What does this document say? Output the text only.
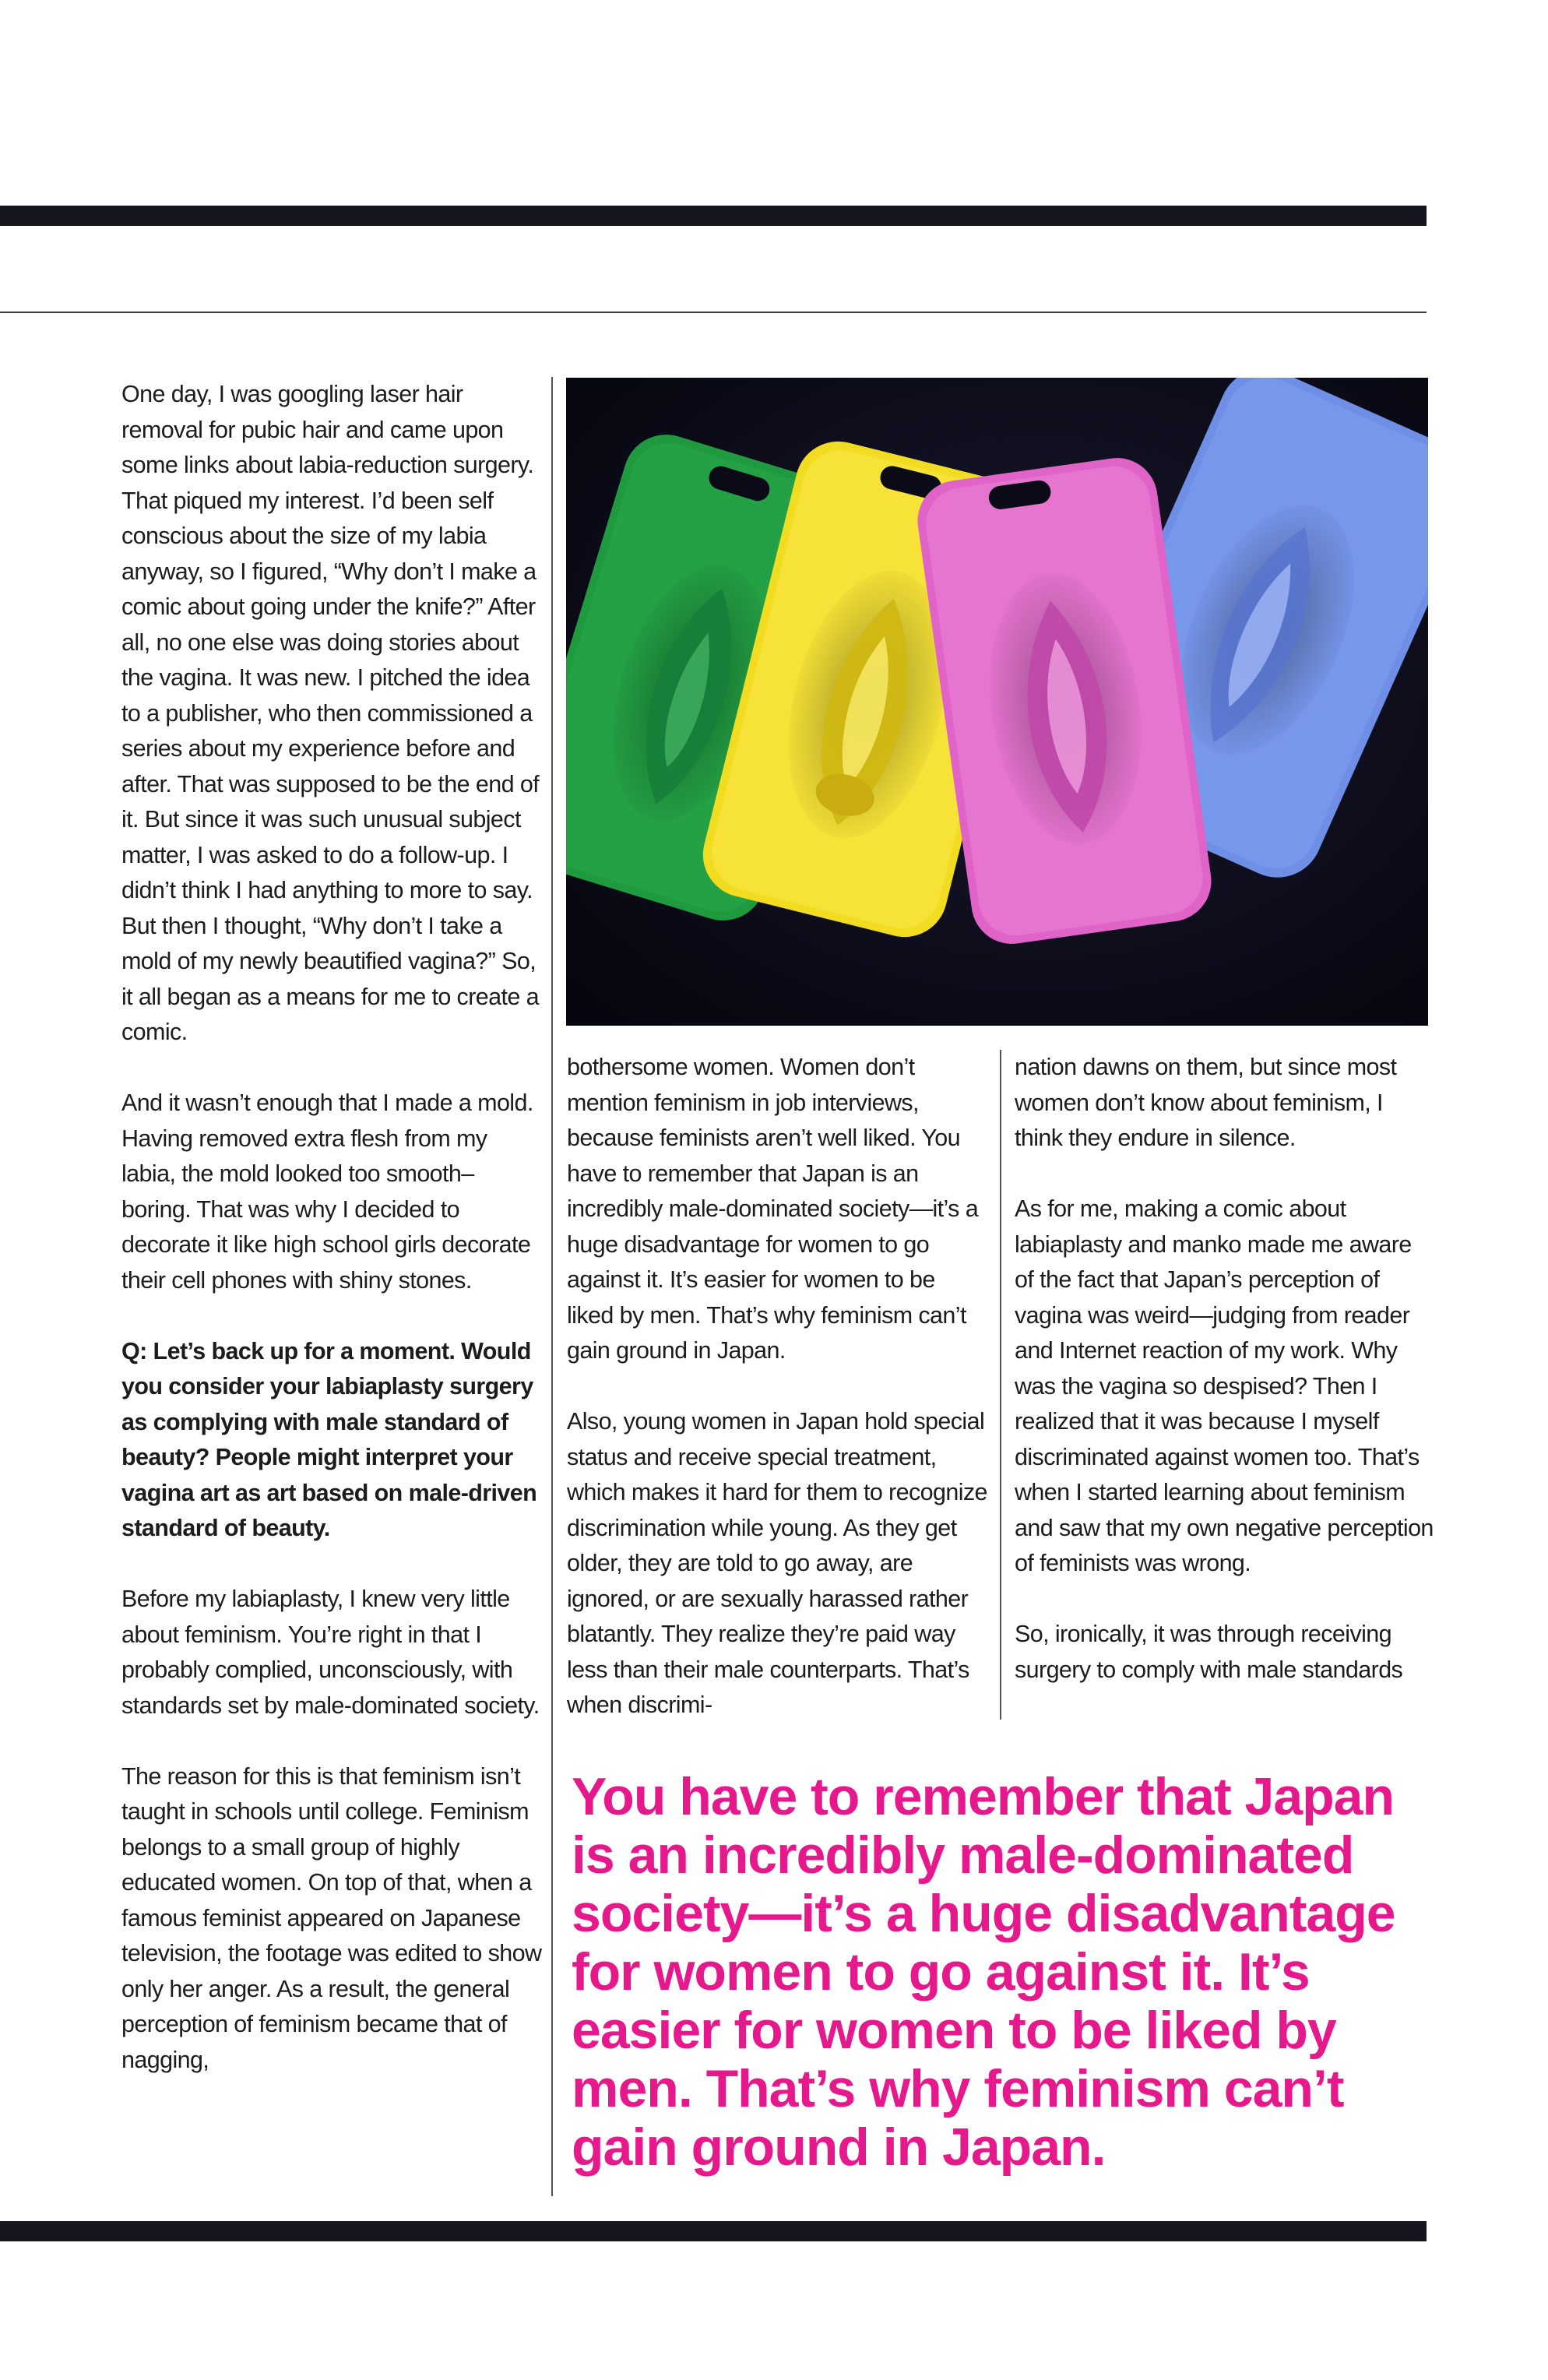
One day, I was googling laser hair removal for pubic hair and came upon some links about labia-reduction surgery. That piqued my interest. I’d been self conscious about the size of my labia anyway, so I figured, “Why don’t I make a comic about going under the knife?” After all, no one else was doing stories about the vagina. It was new. I pitched the idea to a publisher, who then commissioned a series about my experience before and after. That was supposed to be the end of it. But since it was such unusual subject matter, I was asked to do a follow-up. I didn’t think I had anything to more to say. But then I thought, “Why don’t I take a mold of my newly beautified vagina?” So, it all began as a means for me to create a comic.

And it wasn’t enough that I made a mold. Having removed extra flesh from my labia, the mold looked too smooth–boring. That was why I decided to decorate it like high school girls decorate their cell phones with shiny stones.

Q: Let’s back up for a moment. Would you consider your labiaplasty surgery as complying with male standard of beauty? People might interpret your vagina art as art based on male-driven standard of beauty.

Before my labiaplasty, I knew very little about feminism. You’re right in that I probably complied, unconsciously, with standards set by male-dominated society.

The reason for this is that feminism isn’t taught in schools until college. Feminism belongs to a small group of highly educated women. On top of that, when a famous feminist appeared on Japanese television, the footage was edited to show only her anger. As a result, the general perception of feminism became that of nagging,

bothersome women. Women don’t mention feminism in job interviews, because feminists aren’t well liked. You have to remember that Japan is an incredibly male-dominated society—it’s a huge disadvantage for women to go against it. It’s easier for women to be liked by men. That’s why feminism can’t gain ground in Japan.

Also, young women in Japan hold special status and receive special treatment, which makes it hard for them to recognize discrimination while young. As they get older, they are told to go away, are ignored, or are sexually harassed rather blatantly. They realize they’re paid way less than their male counterparts. That’s when discrimi-

nation dawns on them, but since most women don’t know about feminism, I think they endure in silence.

As for me, making a comic about labiaplasty and manko made me aware of the fact that Japan’s perception of vagina was weird—judging from reader and Internet reaction of my work. Why was the vagina so despised? Then I realized that it was because I myself discriminated against women too. That’s when I started learning about feminism and saw that my own negative perception of feminists was wrong.

So, ironically, it was through receiving surgery to comply with male standards

You have to remember that Japan is an incredibly male-dominated society—it’s a huge disadvantage for women to go against it. It’s easier for women to be liked by men. That’s why feminism can’t gain ground in Japan.
